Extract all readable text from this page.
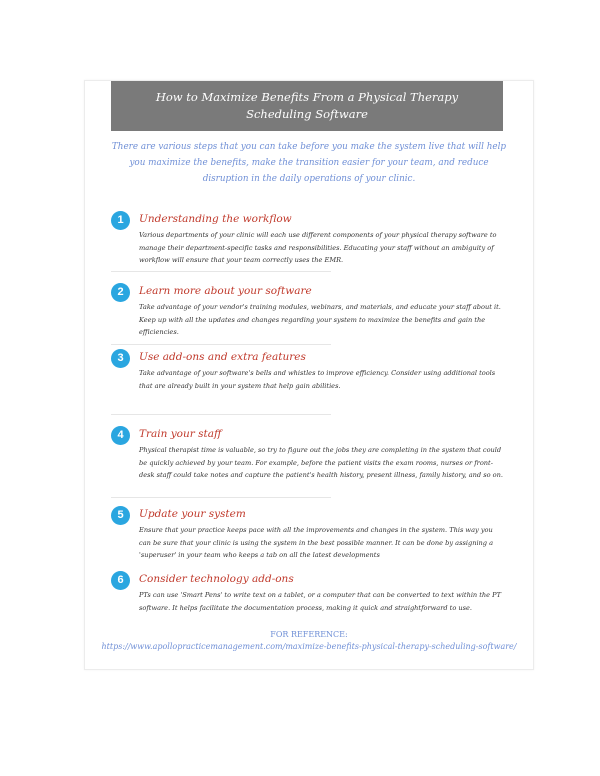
How to Maximize Benefits From a Physical Therapy Scheduling Software
There are various steps that you can take before you make the system live that will help you maximize the benefits, make the transition easier for your team, and reduce disruption in the daily operations of your clinic.
1	Understanding the workflow
Various departments of your clinic will each use different components of your physical therapy software to manage their department-specific tasks and responsibilities. Educating your staff without an ambiguity of workflow will ensure that your team correctly uses the EMR.
2	Learn more about your software
Take advantage of your vendor's training modules, webinars, and materials, and educate your staff about it. Keep up with all the updates and changes regarding your system to maximize the benefits and gain the efficiencies.
3	Use add-ons and extra features
Take advantage of your software's bells and whistles to improve efficiency. Consider using additional tools that are already built in your system that help gain abilities.
4	Train your staff
Physical therapist time is valuable, so try to figure out the jobs they are completing in the system that could be quickly achieved by your team. For example, before the patient visits the exam rooms, nurses or front-desk staff could take notes and capture the patient's health history, present illness, family history, and so on.
5	Update your system
Ensure that your practice keeps pace with all the improvements and changes in the system. This way you can be sure that your clinic is using the system in the best possible manner. It can be done by assigning a 'superuser' in your team who keeps a tab on all the latest developments
6	Consider technology add-ons
PTs can use 'Smart Pens' to write text on a tablet, or a computer that can be converted to text within the PT software. It helps facilitate the documentation process, making it quick and straightforward to use.
FOR REFERENCE:
https://www.apollopracticemanagement.com/maximize-benefits-physical-therapy-scheduling-software/
